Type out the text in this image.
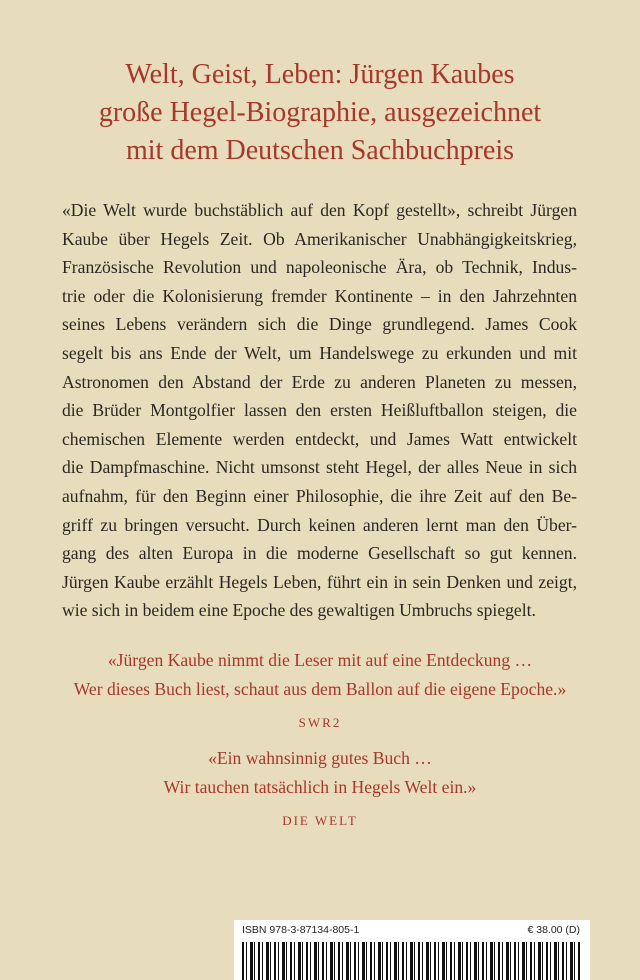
Welt, Geist, Leben: Jürgen Kaubes
große Hegel-Biographie, ausgezeichnet
mit dem Deutschen Sachbuchpreis

«Die Welt wurde buchstäblich auf den Kopf gestellt», schreibt Jürgen
Kaube über Hegels Zeit. Ob Amerikanischer Unabhängigkeitskrieg,
Französische Revolution und napoleonische Ära, ob Technik, Indus-
trie oder die Kolonisierung fremder Kontinente – in den Jahrzehnten
seines Lebens verändern sich die Dinge grundlegend. James Cook
segelt bis ans Ende der Welt, um Handelswege zu erkunden und mit
Astronomen den Abstand der Erde zu anderen Planeten zu messen,
die Brüder Montgolfier lassen den ersten Heißluftballon steigen, die
chemischen Elemente werden entdeckt, und James Watt entwickelt
die Dampfmaschine. Nicht umsonst steht Hegel, der alles Neue in sich
aufnahm, für den Beginn einer Philosophie, die ihre Zeit auf den Be-
griff zu bringen versucht. Durch keinen anderen lernt man den Über-
gang des alten Europa in die moderne Gesellschaft so gut kennen.
Jürgen Kaube erzählt Hegels Leben, führt ein in sein Denken und zeigt,
wie sich in beidem eine Epoche des gewaltigen Umbruchs spiegelt.

«Jürgen Kaube nimmt die Leser mit auf eine Entdeckung …
Wer dieses Buch liest, schaut aus dem Ballon auf die eigene Epoche.»
SWR2
«Ein wahnsinnig gutes Buch …
Wir tauchen tatsächlich in Hegels Welt ein.»
DIE WELT
ISBN 978-3-87134-805-1	€ 38.00 (D)
